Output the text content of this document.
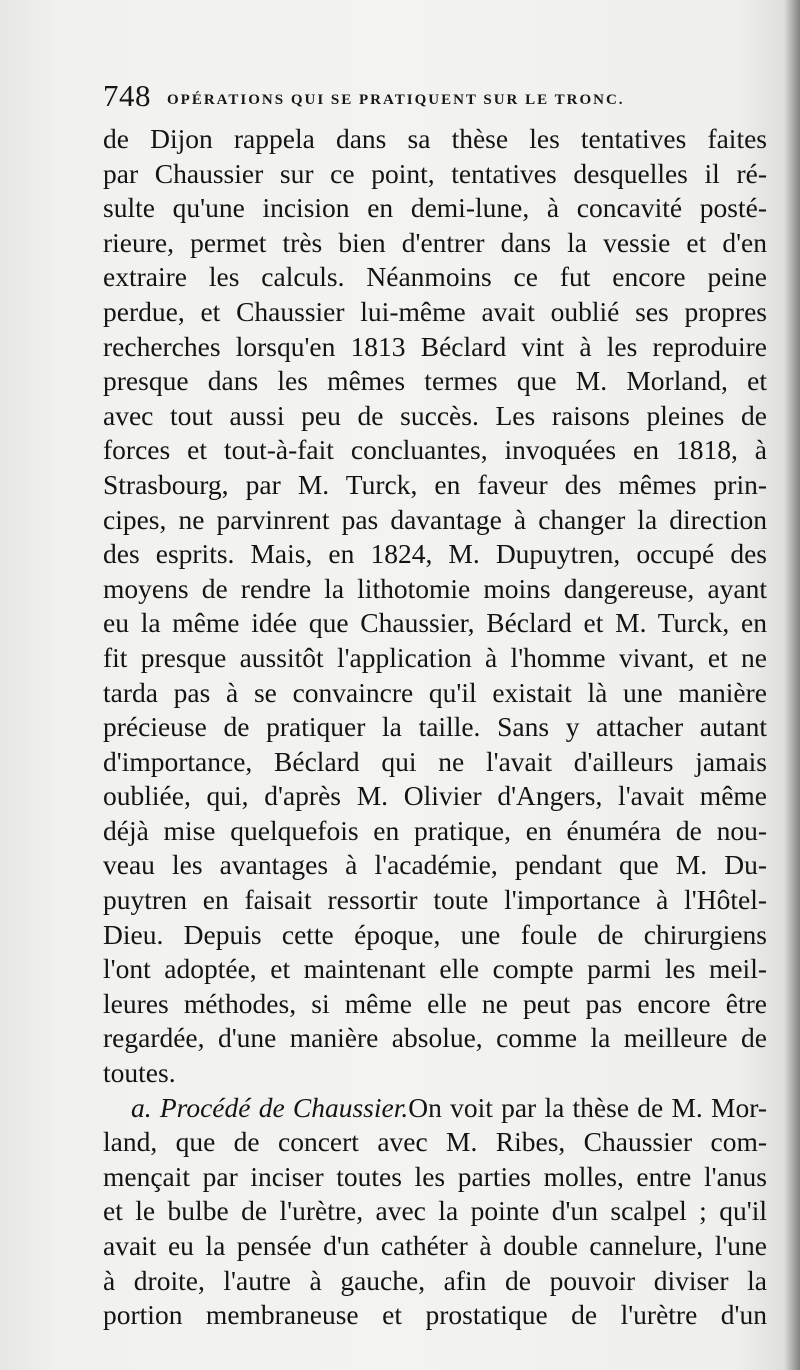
748 OPÉRATIONS QUI SE PRATIQUENT SUR LE TRONC.
de Dijon rappela dans sa thèse les tentatives faites
par Chaussier sur ce point, tentatives desquelles il ré-
sulte qu'une incision en demi-lune, à concavité posté-
rieure, permet très bien d'entrer dans la vessie et d'en
extraire les calculs. Néanmoins ce fut encore peine
perdue, et Chaussier lui-même avait oublié ses propres
recherches lorsqu'en 1813 Béclard vint à les reproduire
presque dans les mêmes termes que M. Morland, et
avec tout aussi peu de succès. Les raisons pleines de
forces et tout-à-fait concluantes, invoquées en 1818, à
Strasbourg, par M. Turck, en faveur des mêmes prin-
cipes, ne parvinrent pas davantage à changer la direction
des esprits. Mais, en 1824, M. Dupuytren, occupé des
moyens de rendre la lithotomie moins dangereuse, ayant
eu la même idée que Chaussier, Béclard et M. Turck, en
fit presque aussitôt l'application à l'homme vivant, et ne
tarda pas à se convaincre qu'il existait là une manière
précieuse de pratiquer la taille. Sans y attacher autant
d'importance, Béclard qui ne l'avait d'ailleurs jamais
oubliée, qui, d'après M. Olivier d'Angers, l'avait même
déjà mise quelquefois en pratique, en énuméra de nou-
veau les avantages à l'académie, pendant que M. Du-
puytren en faisait ressortir toute l'importance à l'Hôtel-
Dieu. Depuis cette époque, une foule de chirurgiens
l'ont adoptée, et maintenant elle compte parmi les meil-
leures méthodes, si même elle ne peut pas encore être
regardée, d'une manière absolue, comme la meilleure de
toutes.
a. Procédé de Chaussier.On voit par la thèse de M. Mor-
land, que de concert avec M. Ribes, Chaussier com-
mençait par inciser toutes les parties molles, entre l'anus
et le bulbe de l'urètre, avec la pointe d'un scalpel ; qu'il
avait eu la pensée d'un cathéter à double cannelure, l'une
à droite, l'autre à gauche, afin de pouvoir diviser la
portion membraneuse et prostatique de l'urètre d'un
